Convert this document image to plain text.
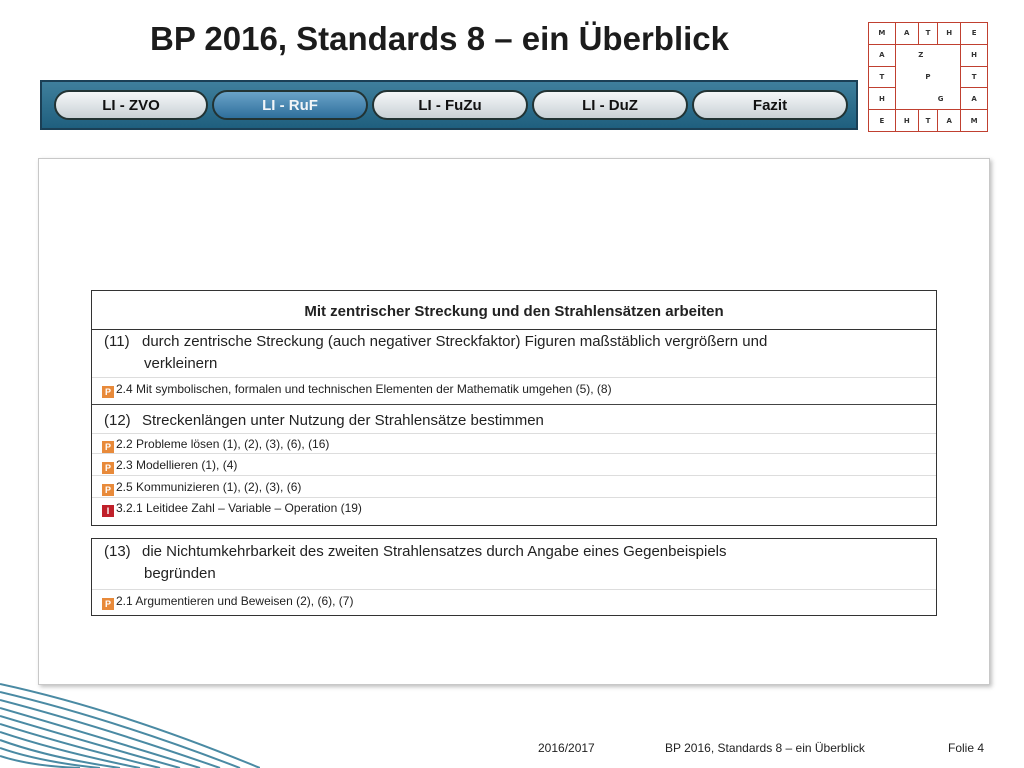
BP 2016, Standards 8 – ein Überblick	M	A	T	H	E
A		Z		H
T		P		T
H			G	A
E	H	T	A	M
LI - ZVO	LI - RuF	LI - FuZu	LI - DuZ	Fazit
Mit zentrischer Streckung und den Strahlensätzen arbeiten
(11) durch zentrische Streckung (auch negativer Streckfaktor) Figuren maßstäblich vergrößern und
verkleinern
P 2.4 Mit symbolischen, formalen und technischen Elementen der Mathematik umgehen (5), (8)
(12) Streckenlängen unter Nutzung der Strahlensätze bestimmen
P 2.2 Probleme lösen (1), (2), (3), (6), (16)
P 2.3 Modellieren (1), (4)
P 2.5 Kommunizieren (1), (2), (3), (6)
I 3.2.1 Leitidee Zahl – Variable – Operation (19)
(13) die Nichtumkehrbarkeit des zweiten Strahlensatzes durch Angabe eines Gegenbeispiels
begründen
P 2.1 Argumentieren und Beweisen (2), (6), (7)
2016/2017	BP 2016, Standards 8 – ein Überblick	Folie 4
